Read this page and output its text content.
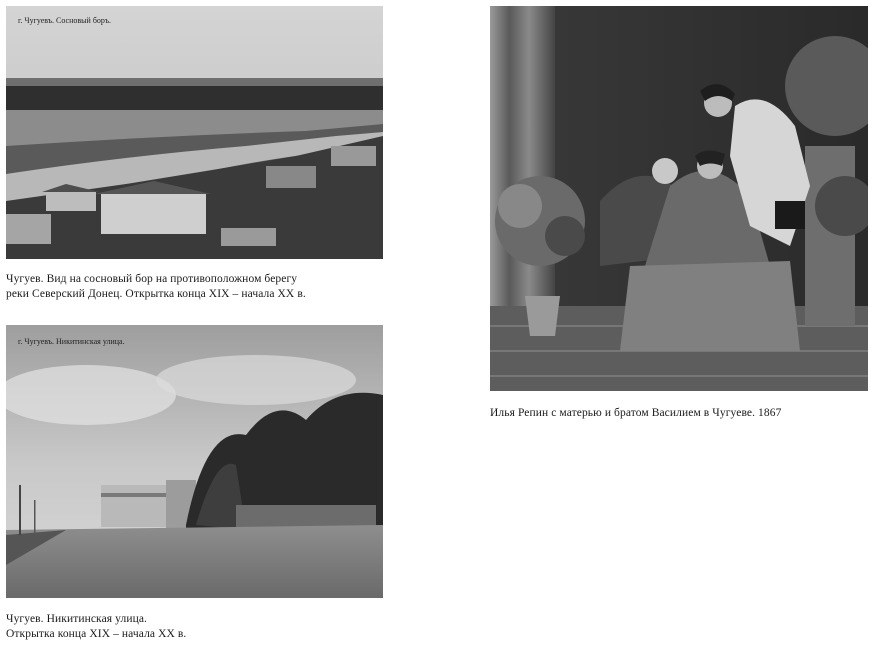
г. Чугуевъ. Сосновый боръ.
Чугуев. Вид на сосновый бор на противоположном берегу
реки Северский Донец. Открытка конца XIX – начала XX в.
г. Чугуевъ. Никитинская улица.
Чугуев. Никитинская улица.
Открытка конца XIX – начала XX в.
Илья Репин с матерью и братом Василием в Чугуеве. 1867
